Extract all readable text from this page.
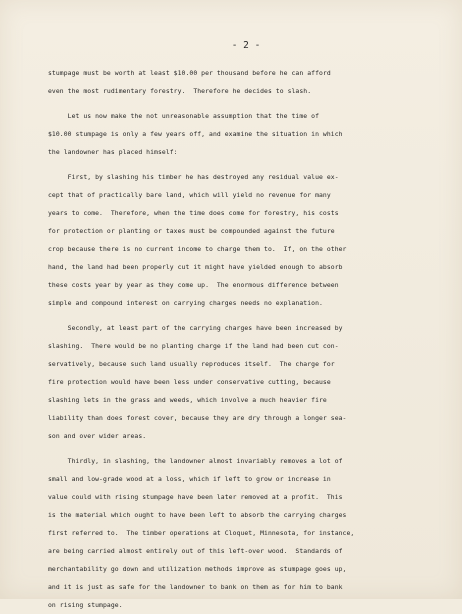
- 2 -
stumpage must be worth at least $10.00 per thousand before he can afford
even the most rudimentary forestry.  Therefore he decides to slash.
Let us now make the not unreasonable assumption that the time of
$10.00 stumpage is only a few years off, and examine the situation in which
the landowner has placed himself:
First, by slashing his timber he has destroyed any residual value ex-
cept that of practically bare land, which will yield no revenue for many
years to come.  Therefore, when the time does come for forestry, his costs
for protection or planting or taxes must be compounded against the future
crop because there is no current income to charge them to.  If, on the other
hand, the land had been properly cut it might have yielded enough to absorb
these costs year by year as they come up.  The enormous difference between
simple and compound interest on carrying charges needs no explanation.
Secondly, at least part of the carrying charges have been increased by
slashing.  There would be no planting charge if the land had been cut con-
servatively, because such land usually reproduces itself.  The charge for
fire protection would have been less under conservative cutting, because
slashing lets in the grass and weeds, which involve a much heavier fire
liability than does forest cover, because they are dry through a longer sea-
son and over wider areas.
Thirdly, in slashing, the landowner almost invariably removes a lot of
small and low-grade wood at a loss, which if left to grow or increase in
value could with rising stumpage have been later removed at a profit.  This
is the material which ought to have been left to absorb the carrying charges
first referred to.  The timber operations at Cloquet, Minnesota, for instance,
are being carried almost entirely out of this left-over wood.  Standards of
merchantability go down and utilization methods improve as stumpage goes up,
and it is just as safe for the landowner to bank on them as for him to bank
on rising stumpage.
